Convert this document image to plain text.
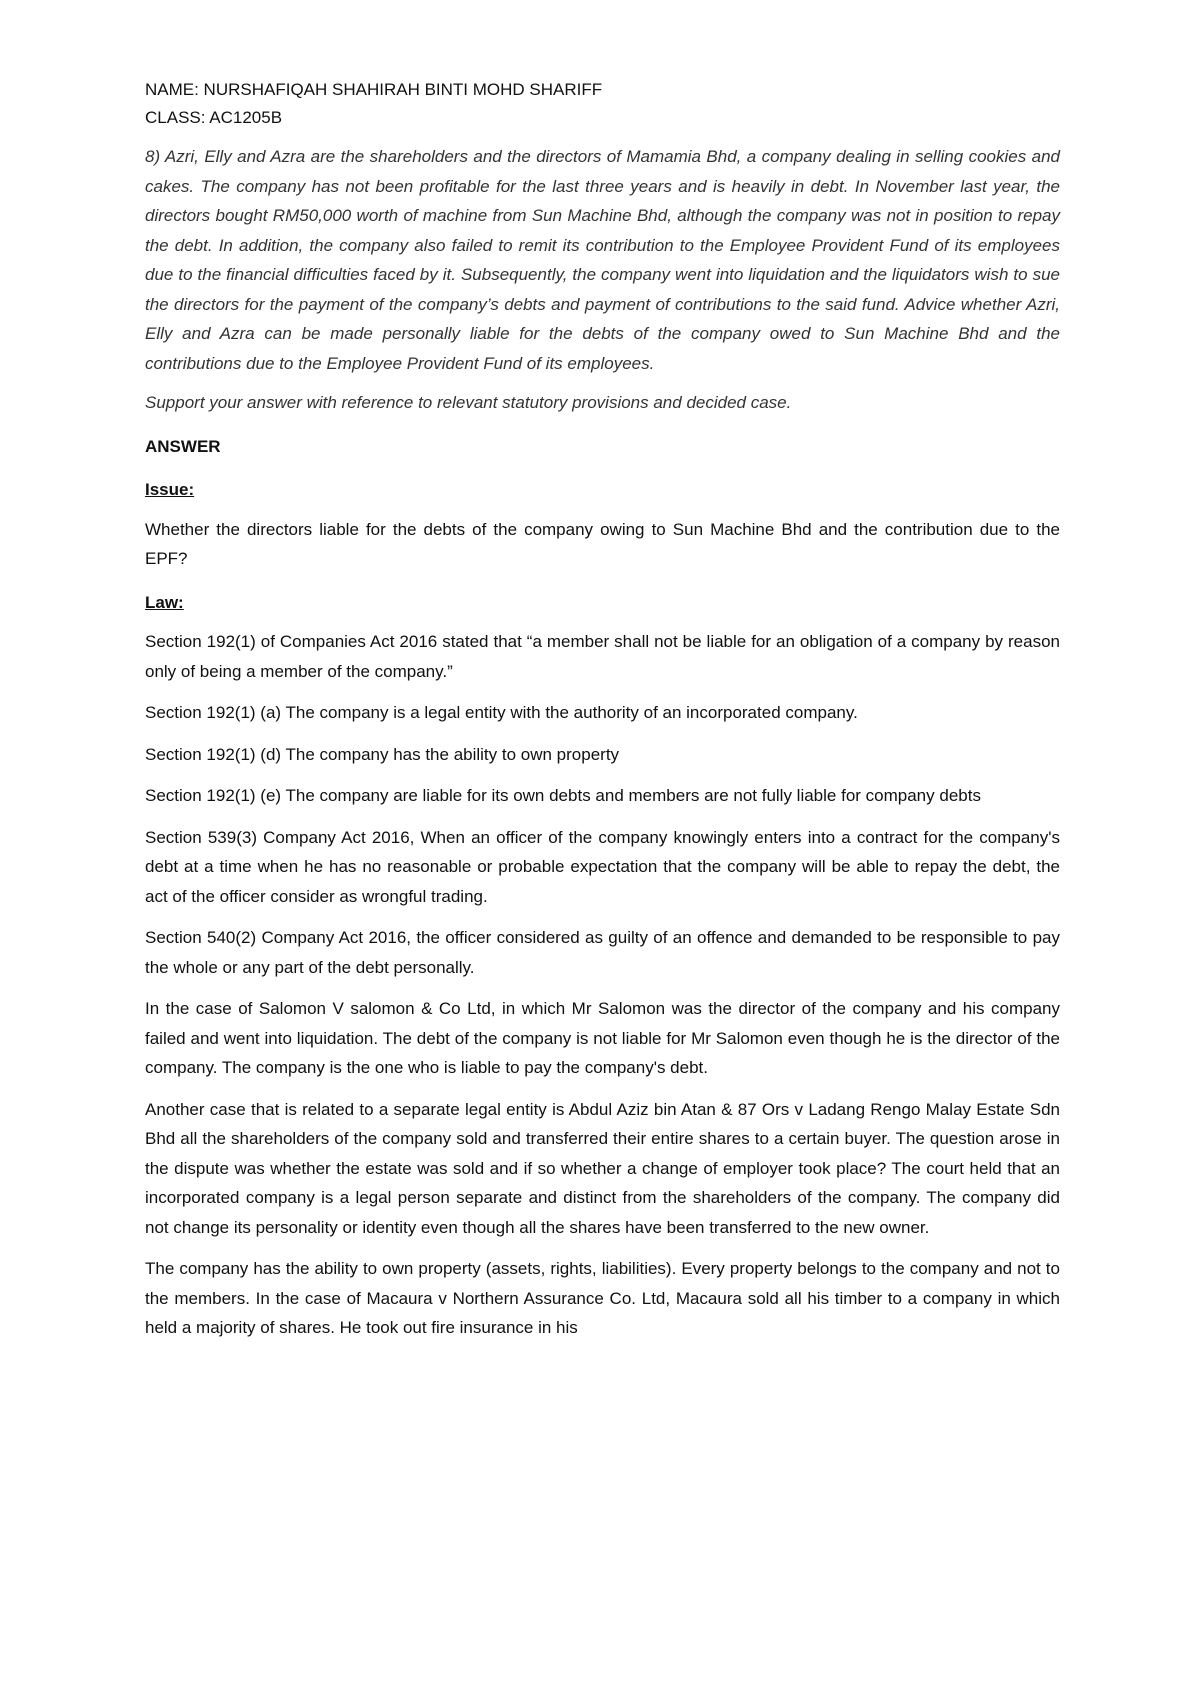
NAME: NURSHAFIQAH SHAHIRAH BINTI MOHD SHARIFF

CLASS: AC1205B

8) Azri, Elly and Azra are the shareholders and the directors of Mamamia Bhd, a company dealing in selling cookies and cakes. The company has not been profitable for the last three years and is heavily in debt. In November last year, the directors bought RM50,000 worth of machine from Sun Machine Bhd, although the company was not in position to repay the debt. In addition, the company also failed to remit its contribution to the Employee Provident Fund of its employees due to the financial difficulties faced by it. Subsequently, the company went into liquidation and the liquidators wish to sue the directors for the payment of the company’s debts and payment of contributions to the said fund. Advice whether Azri, Elly and Azra can be made personally liable for the debts of the company owed to Sun Machine Bhd and the contributions due to the Employee Provident Fund of its employees.

Support your answer with reference to relevant statutory provisions and decided case.

ANSWER

Issue:

Whether the directors liable for the debts of the company owing to Sun Machine Bhd and the contribution due to the EPF?

Law:

Section 192(1) of Companies Act 2016 stated that “a member shall not be liable for an obligation of a company by reason only of being a member of the company.”

Section 192(1) (a) The company is a legal entity with the authority of an incorporated company.

Section 192(1) (d) The company has the ability to own property

Section 192(1) (e) The company are liable for its own debts and members are not fully liable for company debts

Section 539(3) Company Act 2016, When an officer of the company knowingly enters into a contract for the company's debt at a time when he has no reasonable or probable expectation that the company will be able to repay the debt, the act of the officer consider as wrongful trading.

Section 540(2) Company Act 2016, the officer considered as guilty of an offence and demanded to be responsible to pay the whole or any part of the debt personally.

In the case of Salomon V salomon & Co Ltd, in which Mr Salomon was the director of the company and his company failed and went into liquidation. The debt of the company is not liable for Mr Salomon even though he is the director of the company. The company is the one who is liable to pay the company's debt.

Another case that is related to a separate legal entity is Abdul Aziz bin Atan & 87 Ors v Ladang Rengo Malay Estate Sdn Bhd all the shareholders of the company sold and transferred their entire shares to a certain buyer. The question arose in the dispute was whether the estate was sold and if so whether a change of employer took place? The court held that an incorporated company is a legal person separate and distinct from the shareholders of the company. The company did not change its personality or identity even though all the shares have been transferred to the new owner.

The company has the ability to own property (assets, rights, liabilities). Every property belongs to the company and not to the members. In the case of Macaura v Northern Assurance Co. Ltd, Macaura sold all his timber to a company in which held a majority of shares. He took out fire insurance in his
